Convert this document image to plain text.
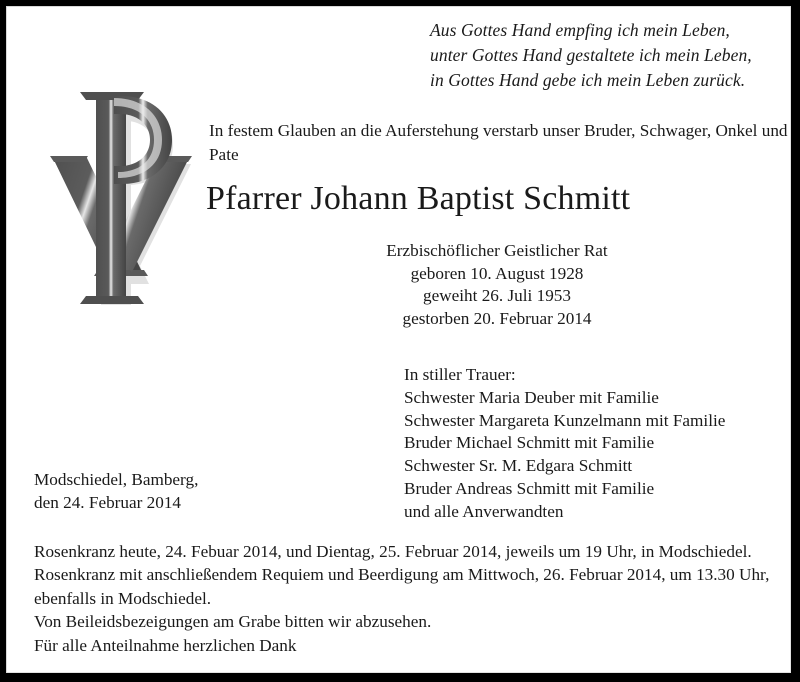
Aus Gottes Hand empfing ich mein Leben,
unter Gottes Hand gestaltete ich mein Leben,
in Gottes Hand gebe ich mein Leben zurück.
In festem Glauben an die Auferstehung verstarb unser Bruder, Schwager, Onkel und Pate
Pfarrer Johann Baptist Schmitt
Erzbischöflicher Geistlicher Rat
geboren 10. August 1928
geweiht 26. Juli 1953
gestorben 20. Februar 2014
In stiller Trauer:
Schwester Maria Deuber mit Familie
Schwester Margareta Kunzelmann mit Familie
Bruder Michael Schmitt mit Familie
Schwester Sr. M. Edgara Schmitt
Bruder Andreas Schmitt mit Familie
und alle Anverwandten
Modschiedel, Bamberg,
den 24. Februar 2014

Rosenkranz heute, 24. Febuar 2014, und Dientag, 25. Februar 2014, jeweils um 19 Uhr, in Modschiedel. Rosenkranz mit anschließendem Requiem und Beerdigung am Mittwoch, 26. Februar 2014, um 13.30 Uhr, ebenfalls in Modschiedel.

Von Beileidsbezeigungen am Grabe bitten wir abzusehen.

Für alle Anteilnahme herzlichen Dank
